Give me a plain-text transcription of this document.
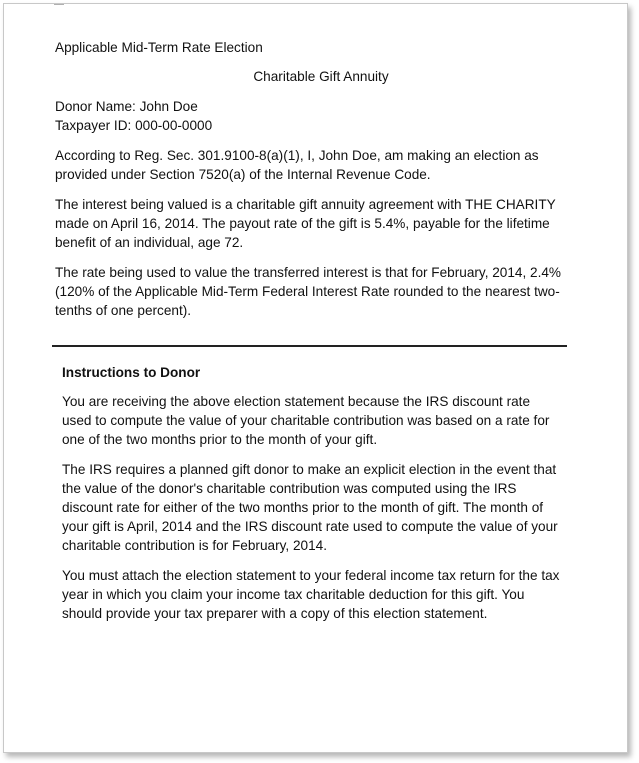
Applicable Mid-Term Rate Election
Charitable Gift Annuity
Donor Name: John Doe
Taxpayer ID: 000-00-0000

According to Reg. Sec. 301.9100-8(a)(1), I, John Doe, am making an election as provided under Section 7520(a) of the Internal Revenue Code.

The interest being valued is a charitable gift annuity agreement with THE CHARITY made on April 16, 2014. The payout rate of the gift is 5.4%, payable for the lifetime benefit of an individual, age 72.

The rate being used to value the transferred interest is that for February, 2014, 2.4% (120% of the Applicable Mid-Term Federal Interest Rate rounded to the nearest two-tenths of one percent).

Instructions to Donor

You are receiving the above election statement because the IRS discount rate used to compute the value of your charitable contribution was based on a rate for one of the two months prior to the month of your gift.

The IRS requires a planned gift donor to make an explicit election in the event that the value of the donor's charitable contribution was computed using the IRS discount rate for either of the two months prior to the month of gift. The month of your gift is April, 2014 and the IRS discount rate used to compute the value of your charitable contribution is for February, 2014.

You must attach the election statement to your federal income tax return for the tax year in which you claim your income tax charitable deduction for this gift. You should provide your tax preparer with a copy of this election statement.
